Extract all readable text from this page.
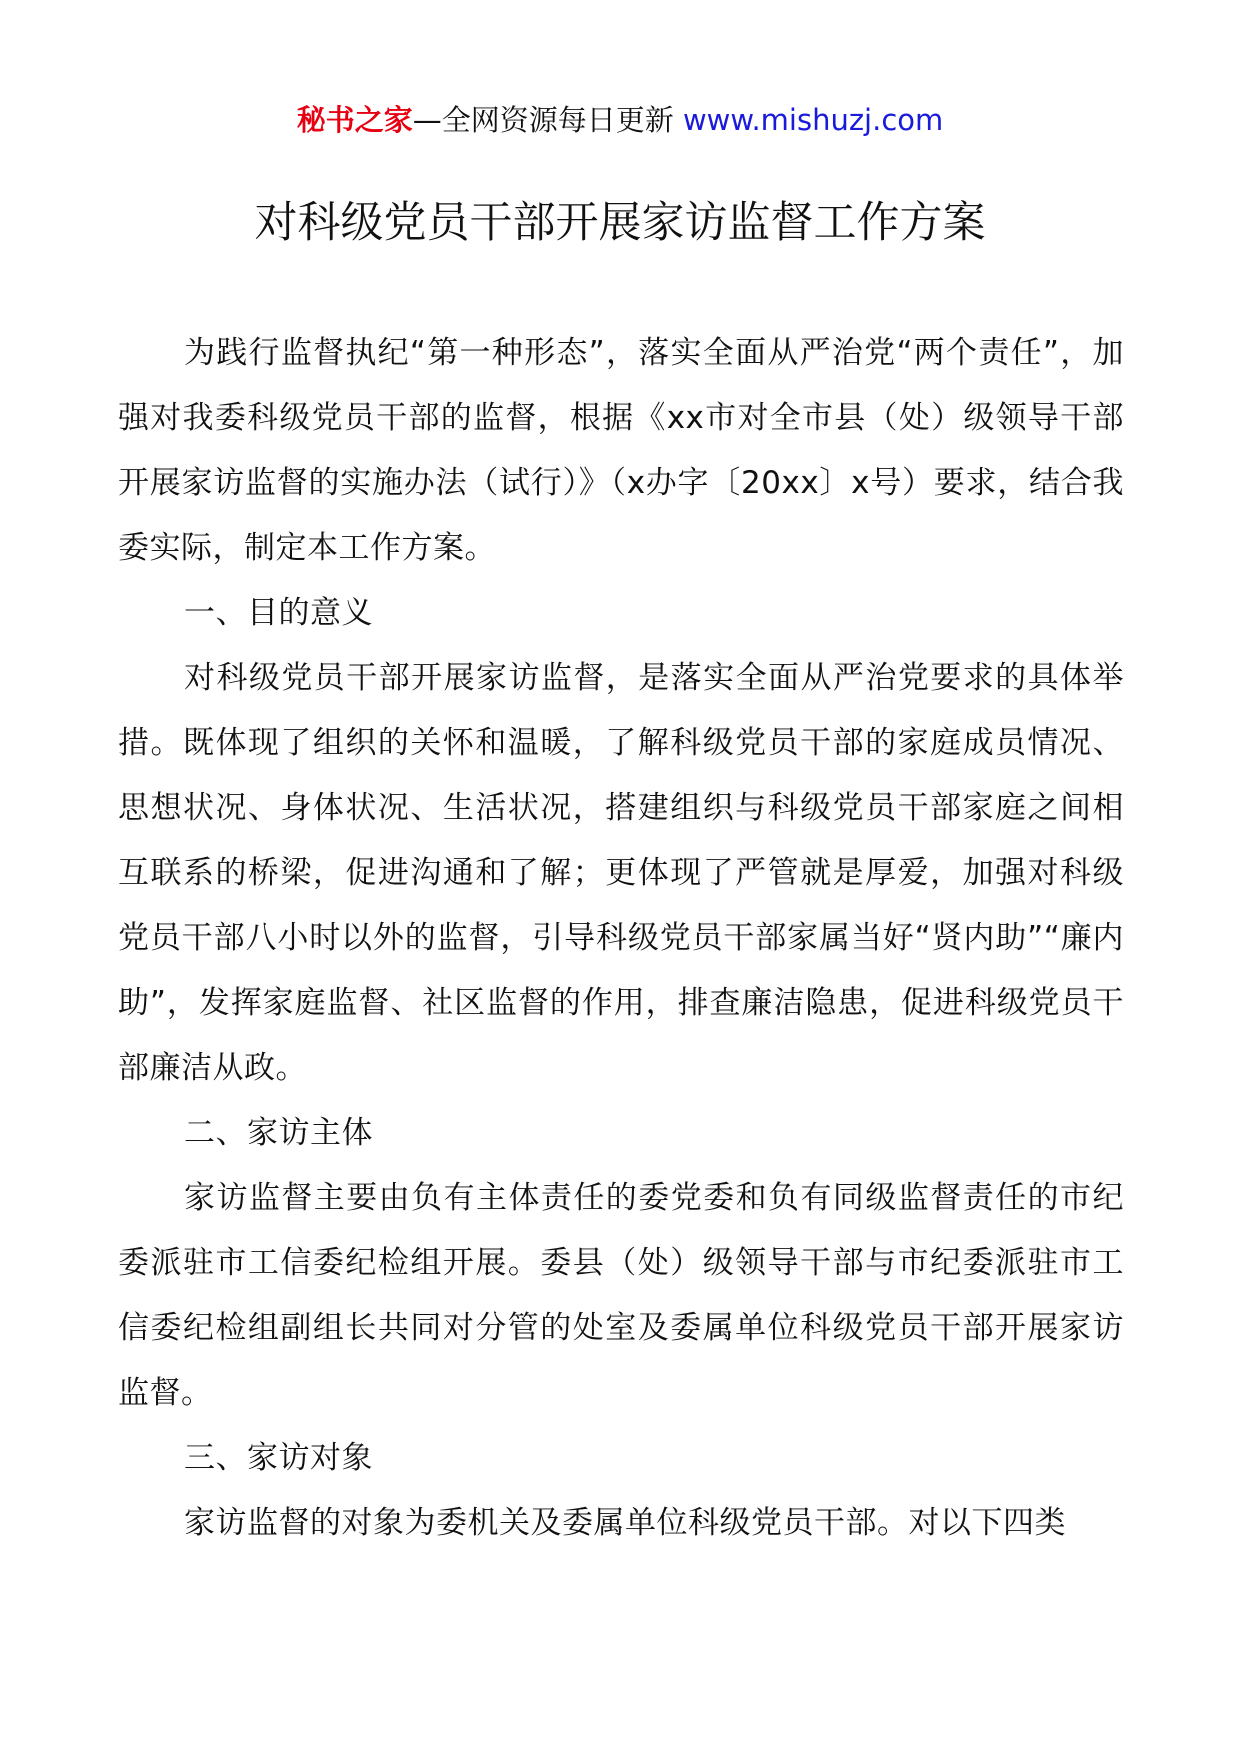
秘书之家—全网资源每日更新 www.mishuzj.com
对科级党员干部开展家访监督工作方案

为践行监督执纪“第一种形态”，落实全面从严治党“两个责任”，加强对我委科级党员干部的监督，根据《xx市对全市县（处）级领导干部开展家访监督的实施办法（试行）》（x办字〔20xx〕x号）要求，结合我委实际，制定本工作方案。

一、目的意义

对科级党员干部开展家访监督，是落实全面从严治党要求的具体举措。既体现了组织的关怀和温暖，了解科级党员干部的家庭成员情况、思想状况、身体状况、生活状况，搭建组织与科级党员干部家庭之间相互联系的桥梁，促进沟通和了解；更体现了严管就是厚爱，加强对科级党员干部八小时以外的监督，引导科级党员干部家属当好“贤内助”“廉内助”，发挥家庭监督、社区监督的作用，排查廉洁隐患，促进科级党员干部廉洁从政。

二、家访主体

家访监督主要由负有主体责任的委党委和负有同级监督责任的市纪委派驻市工信委纪检组开展。委县（处）级领导干部与市纪委派驻市工信委纪检组副组长共同对分管的处室及委属单位科级党员干部开展家访监督。

三、家访对象

家访监督的对象为委机关及委属单位科级党员干部。对以下四类
